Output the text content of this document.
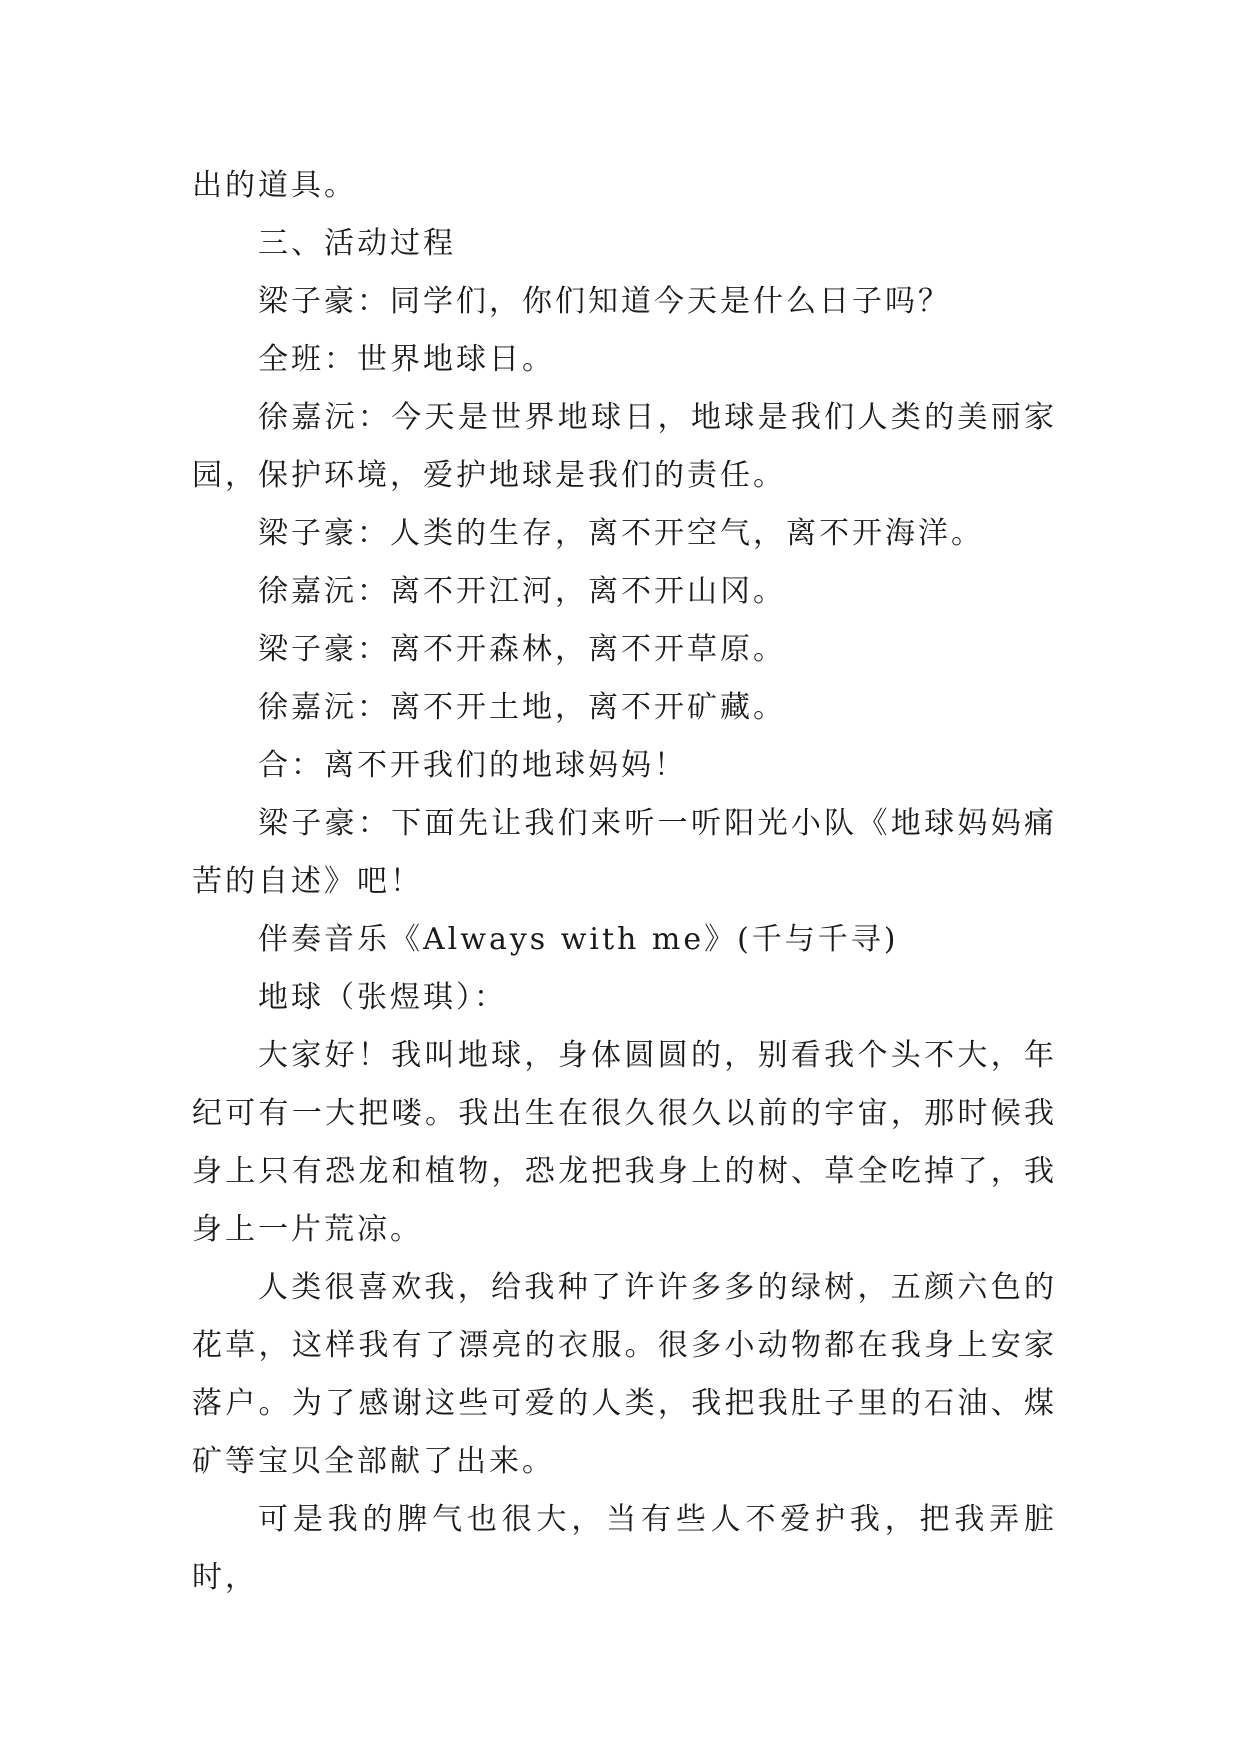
出的道具。

三、活动过程

梁子豪：同学们，你们知道今天是什么日子吗？

全班：世界地球日。

徐嘉沅：今天是世界地球日，地球是我们人类的美丽家园，保护环境，爱护地球是我们的责任。

梁子豪：人类的生存，离不开空气，离不开海洋。

徐嘉沅：离不开江河，离不开山冈。

梁子豪：离不开森林，离不开草原。

徐嘉沅：离不开土地，离不开矿藏。

合：离不开我们的地球妈妈！

梁子豪：下面先让我们来听一听阳光小队《地球妈妈痛苦的自述》吧！

伴奏音乐《Always with me》(千与千寻)

地球（张煜琪）：

大家好！我叫地球，身体圆圆的，别看我个头不大，年纪可有一大把喽。我出生在很久很久以前的宇宙，那时候我身上只有恐龙和植物，恐龙把我身上的树、草全吃掉了，我身上一片荒凉。

人类很喜欢我，给我种了许许多多的绿树，五颜六色的花草，这样我有了漂亮的衣服。很多小动物都在我身上安家落户。为了感谢这些可爱的人类，我把我肚子里的石油、煤矿等宝贝全部献了出来。

可是我的脾气也很大，当有些人不爱护我，把我弄脏时，
